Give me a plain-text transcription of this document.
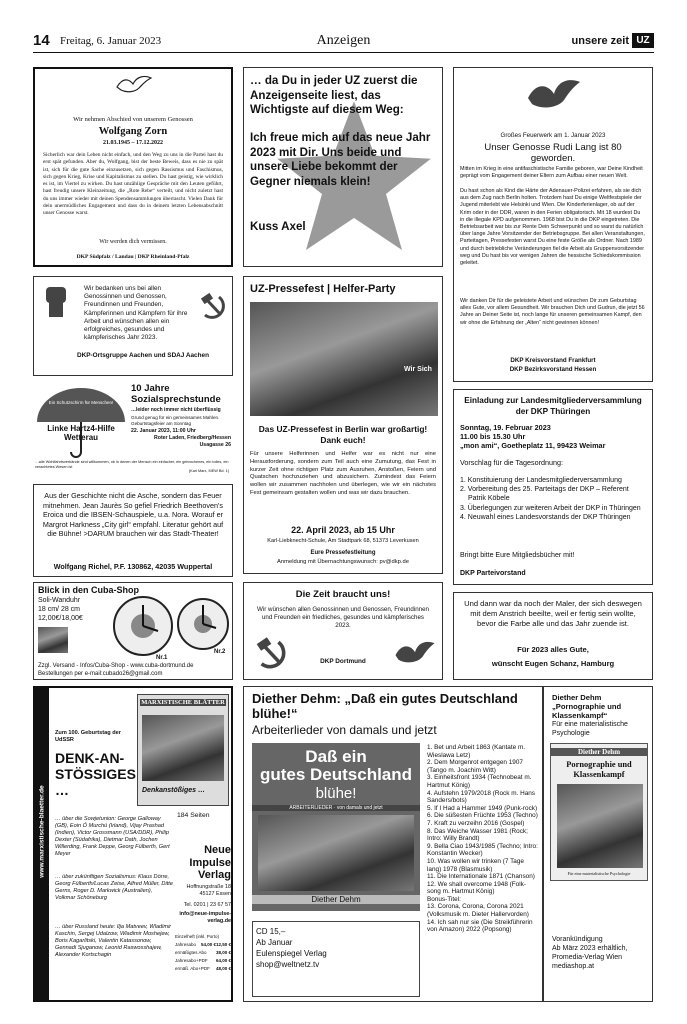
14 Freitag, 6. Januar 2023	Anzeigen	unsere zeit UZ
Wir nehmen Abschied von unserem Genossen
Wolfgang Zorn
21.03.1945 – 17.12.2022
Sicherlich war dein Leben nicht einfach, und den Weg zu uns in die Partei hast du erst spät gefunden. Aber du, Wolfgang, bist der beste Beweis, dass es nie zu spät ist, sich für die gute Sache einzusetzen, sich gegen Rassismus und Faschismus, sich gegen Krieg, Krise und Kapitalismus zu stellen. Du hast geistig, wie wirklich es ist, im Viertel zu wirken. Du hast unzählige Gespräche mit den Leuten geführt, hast freudig unsere Kleinzeitung, die „Rote Rebe“ verteilt, und nicht zuletzt hast du uns immer wieder mit deinen Spendensammlungen überrascht. Vielen Dank für dein unermüdliches Engagement und dass du in deinem letzten Lebensabschnitt unser Genosse warst.
Wir werden dich vermissen.
DKP Südpfalz / Landau | DKP Rheinland-Pfalz
… da Du in jeder UZ zuerst die Anzeigenseite liest, das Wichtigste auf diesem Weg:
Ich freue mich auf das neue Jahr 2023 mit Dir. Uns beide und unsere Liebe bekommt der Gegner niemals klein!
Kuss Axel
Großes Feuerwerk am 1. Januar 2023
Unser Genosse Rudi Lang ist 80 geworden.
Mitten im Krieg in eine antifaschistische Familie geboren, war Deine Kindheit geprägt vom Engagement deiner Eltern zum Aufbau einer neuen Welt.
Du hast schon als Kind die Härte der Adenauer-Polizei erfahren, als sie dich aus dem Zug nach Berlin holten. Trotzdem hast Du einige Weltfestspiele der Jugend miterlebt wie Helsinki und Wien. Die Kinderferienlager, ob auf der Krim oder in der DDR, waren in den Ferien obligatorisch. Mit 18 wurdest Du in die illegale KPD aufgenommen. 1968 bist Du in die DKP eingetreten. Die Betriebsarbeit war bis zur Rente Dein Schwerpunkt und so warst du natürlich über lange Jahre Vorsitzender der Betriebsgruppe. Bei allen Veranstaltungen, Parteitagen, Pressefesten warst Du eine feste Größe als Ordner. Nach 1989 und durch betriebliche Veränderungen fiel die Arbeit als Gruppenvorsitzender weg und Du hast bis vor wenigen Jahren die hessische Schiedskommission geleitet.
Wir danken Dir für die geleistete Arbeit und wünschen Dir zum Geburtstag alles Gute, vor allem Gesundheit. Wir brauchen Dich und Gudrun, die jetzt 56 Jahre an Deiner Seite ist, noch lange für unseren gemeinsamen Kampf, den wir ohne die Erfahrung der „Alten“ nicht gewinnen können!
DKP Kreisvorstand Frankfurt
DKP Bezirksvorstand Hessen
Wir bedanken uns bei allen Genossinnen und Genossen, Freundinnen und Freunden, Kämpferinnen und Kämpfern für ihre Arbeit und wünschen allen ein erfolgreiches, gesundes und kämpferisches Jahr 2023.
DKP-Ortsgruppe Aachen und SDAJ Aachen
Ein Schutzschirm für Menschen!
Linke Hartz4-Hilfe Wetterau
10 Jahre Sozialsprechstunde
…leider noch immer nicht überflüssig
Grund genug für ein gemeinsames Mahlen. Geburtstagsfeier am Sonntag
22. Januar 2023, 11:00 Uhr
Roter Laden, Friedberg/Hessen Usagasse 26
…alle Wohlfahrtsverbände sind willkommen, ob in denen der Mensch ein einfacher, ein gebrochenes, ein tolles, ein verachtetes Wesen ist
(Karl Marx, MEW Bd. 1)
Aus der Geschichte nicht die Asche, sondern das Feuer mitnehmen. Jean Jaurès So gefiel Friedrich Beethoven's Eroica und die IBSEN-Schauspiele, u.a. Nora. Worauf er Margrot Harkness „City girl“ empfahl. Literatur gehört auf die Bühne! >DARUM brauchen wir das Stadt-Theater!
Wolfgang Richel, P.F. 130862, 42035 Wuppertal
Blick in den Cuba-Shop
Soli-Wanduhr
18 cm/ 28 cm
12,00€/18,00€
Nr.1
Nr.2
Zzgl. Versand - Infos/Cuba-Shop - www.cuba-dortmund.de
Bestellungen per e-mail:cubado26@gmail.com
UZ-Pressefest | Helfer-Party
Wir Sich
Das UZ-Pressefest in Berlin war großartig! Dank euch!
Für unsere Helferinnen und Helfer war es nicht nur eine Herausforderung, sondern zum Teil auch eine Zumutung, das Fest in kurzer Zeit ohne richtigen Platz zum Ausruhen, Anstoßen, Feiern und Quatschen hochzuziehen und abzusichern. Zumindest das Feiern wollen wir zusammen nachholen und überlegen, wie wir ein nächstes Fest gemeinsam gestalten wollen und was wir dazu brauchen.
22. April 2023, ab 15 Uhr
Karl-Liebknecht-Schule, Am Stadtpark 68, 51373 Leverkusen
Eure Pressefestleitung
Anmeldung mit Übernachtungswunsch: pv@dkp.de
Einladung zur Landesmitgliederversammlung der DKP Thüringen
Sonntag, 19. Februar 2023
11.00 bis 15.30 Uhr
„mon ami“, Goetheplatz 11, 99423 Weimar
Vorschlag für die Tagesordnung:
1. Konstituierung der Landesmitgliederversammlung
2. Vorbereitung des 25. Parteitags der DKP – Referent Patrik Köbele
3. Überlegungen zur weiteren Arbeit der DKP in Thüringen
4. Neuwahl eines Landesvorstands der DKP Thüringen
Bringt bitte Eure Mitgliedsbücher mit!
DKP Parteivorstand
Die Zeit braucht uns!
Wir wünschen allen Genossinnen und Genossen, Freundinnen und Freunden ein friedliches, gesundes und kämpferisches 2023.
DKP Dortmund
Und dann war da noch der Maler, der sich deswegen mit dem Anstrich beeilte, weil er fertig sein wollte, bevor die Farbe alle und das Jahr zuende ist.
Für 2023 alles Gute,
wünscht Eugen Schanz, Hamburg
www.marxistische-blaetter.de
MARXISTISCHE BLÄTTER
Denkanstößiges …
Zum 100. Geburtstag der UdSSR
DENK-AN-STÖSSIGES …
… über die Sowjetunion: George Galloway (GB), Eoin Ó Murchú (Irland), Vijay Prashad (Indien), Victor Grossmann (USA/DDR), Philip Dexter (Südafrika), Dietmar Dath, Jochen Willerding, Frank Deppe, Georg Fülberth, Gert Meyer
… über zukünftigen Sozialismus: Klaus Dörre, Georg Fülberth/Lucas Zeise, Alfred Müller, Ditte Gerns, Roger D. Markwick (Australien), Volkmar Schöneburg
… über Russland heute: Ilja Matveev, Wladimir Kaschin, Sergej Udalzow, Wladimir Moshejew, Boris Kagarlitski, Valentin Katassonow, Gennadi Sjuganow, Leonid Raswosshajew, Alexander Kortschagin
184 Seiten
Neue Impulse Verlag
Hoffnungstraße 18 45127 Essen
Tel. 0201 | 23 67 57
info@neue-impulse-verlag.de
Einzelheft (inkl. Porto)
12,50 €
Jahresabo 54,00 €
ermäßigtes Abo 38,00 €
Jahresabo+PDF 64,00 €
ermäß. Abo+PDF 48,00 €
Diether Dehm: „Daß ein gutes Deutschland blühe!“
Arbeiterlieder von damals und jetzt
Daß ein
gutes Deutschland
blühe!
ARBEITERLIEDER · von damals und jetzt
Diether Dehm
1. Bet und Arbeit 1863 (Kantate m. Wieslawa Letz)
2. Dem Morgenrot entgegen 1907 (Tango m. Joachim Witt)
3. Einheitsfront 1934 (Technobeat m. Hartmut König)
4. Aufstehn 1979/2018 (Rock m. Hans Sanders/bots)
5. If I Had a Hammer 1949 (Punk-rock)
6. Die süßesten Früchte 1953 (Techno)
7. Kraft zu verzeihn 2016 (Gospel)
8. Das Weiche Wasser 1981 (Rock; Intro: Willy Brandt)
9. Bella Ciao 1943/1985 (Techno; Intro: Konstantin Wecker)
10. Was wollen wir trinken (7 Tage lang) 1978 (Blasmusik)
11. Die Internationale 1871 (Chanson)
12. We shall overcome 1948 (Folk-song m. Hartmut König)
Bonus-Titel:
13. Corona, Corona, Corona 2021 (Volksmusik m. Dieter Hallervorden)
14. Ich sah nur sie (Die Streikführerin von Amazon) 2022 (Popsong)
CD 15,–
Ab Januar
Eulenspiegel Verlag
shop@weltnetz.tv
Diether Dehm
„Pornographie und Klassenkampf“
Für eine materialistische Psychologie
Diether Dehm
Pornographie und Klassenkampf
Für eine materialistische Psychologie
Vorankündigung
Ab März 2023 erhältlich,
Promedia-Verlag Wien
mediashop.at
